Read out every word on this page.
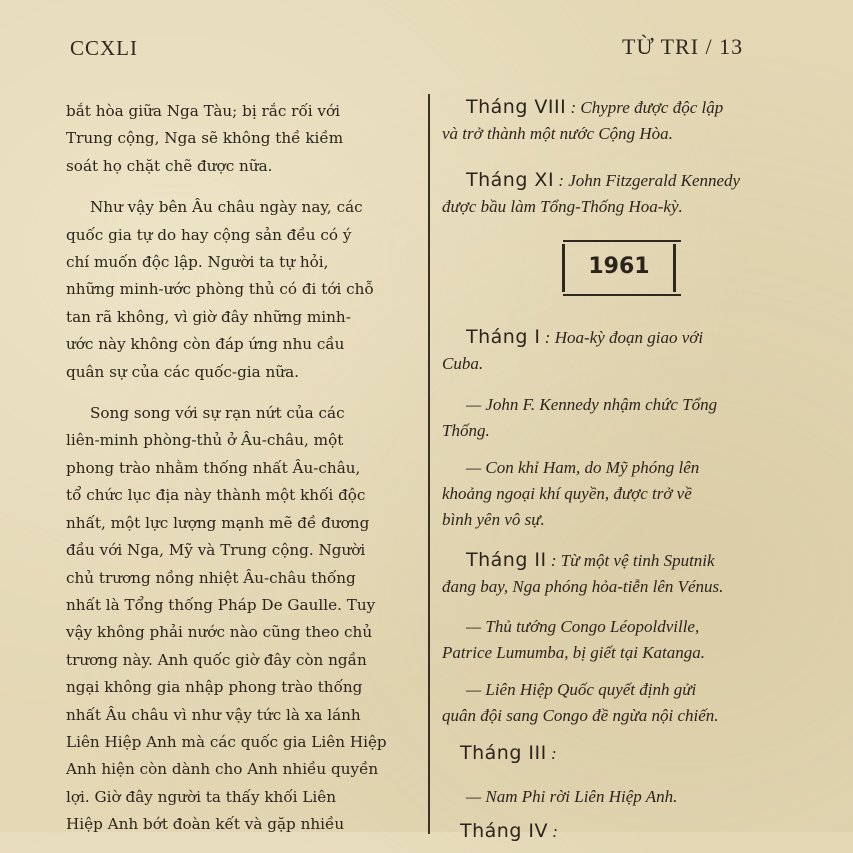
CCXLI	TỪ TRI / 13
bắt hòa giữa Nga Tàu; bị rắc rối với
Trung cộng, Nga sẽ không thề kiềm
soát họ chặt chẽ được nữa.
Như vậy bên Âu châu ngày nay, các
quốc gia tự do hay cộng sản đều có ý
chí muốn độc lập. Người ta tự hỏi,
những minh-ước phòng thủ có đi tới chỗ
tan rã không, vì giờ đây những minh-
ước này không còn đáp ứng nhu cầu
quân sự của các quốc-gia nữa.
Song song với sự rạn nứt của các
liên-minh phòng-thủ ở Âu-châu, một
phong trào nhằm thống nhất Âu-châu,
tổ chức lục địa này thành một khối độc
nhất, một lực lượng mạnh mẽ đề đương
đầu với Nga, Mỹ và Trung cộng. Người
chủ trương nồng nhiệt Âu-châu thống
nhất là Tổng thống Pháp De Gaulle. Tuy
vậy không phải nước nào cũng theo chủ
trương này. Anh quốc giờ đây còn ngần
ngại không gia nhập phong trào thống
nhất Âu châu vì như vậy tức là xa lánh
Liên Hiệp Anh mà các quốc gia Liên Hiệp
Anh hiện còn dành cho Anh nhiều quyền
lợi. Giờ đây người ta thấy khối Liên
Hiệp Anh bớt đoàn kết và gặp nhiều
Tháng VIII : Chypre được độc lập
và trở thành một nước Cộng Hòa.
Tháng XI : John Fitzgerald Kennedy
được bầu làm Tổng-Thống Hoa-kỳ.
1961
Tháng I : Hoa-kỳ đoạn giao với
Cuba.
— John F. Kennedy nhậm chức Tổng
Thống.
— Con khỉ Ham, do Mỹ phóng lên
khoảng ngoại khí quyền, được trở về
bình yên vô sự.
Tháng II : Từ một vệ tinh Sputnik
đang bay, Nga phóng hỏa-tiễn lên Vénus.
— Thủ tướng Congo Léopoldville,
Patrice Lumumba, bị giết tại Katanga.
— Liên Hiệp Quốc quyết định gửi
quân đội sang Congo đề ngừa nội chiến.
Tháng III :
— Nam Phi rời Liên Hiệp Anh.
Tháng IV :
